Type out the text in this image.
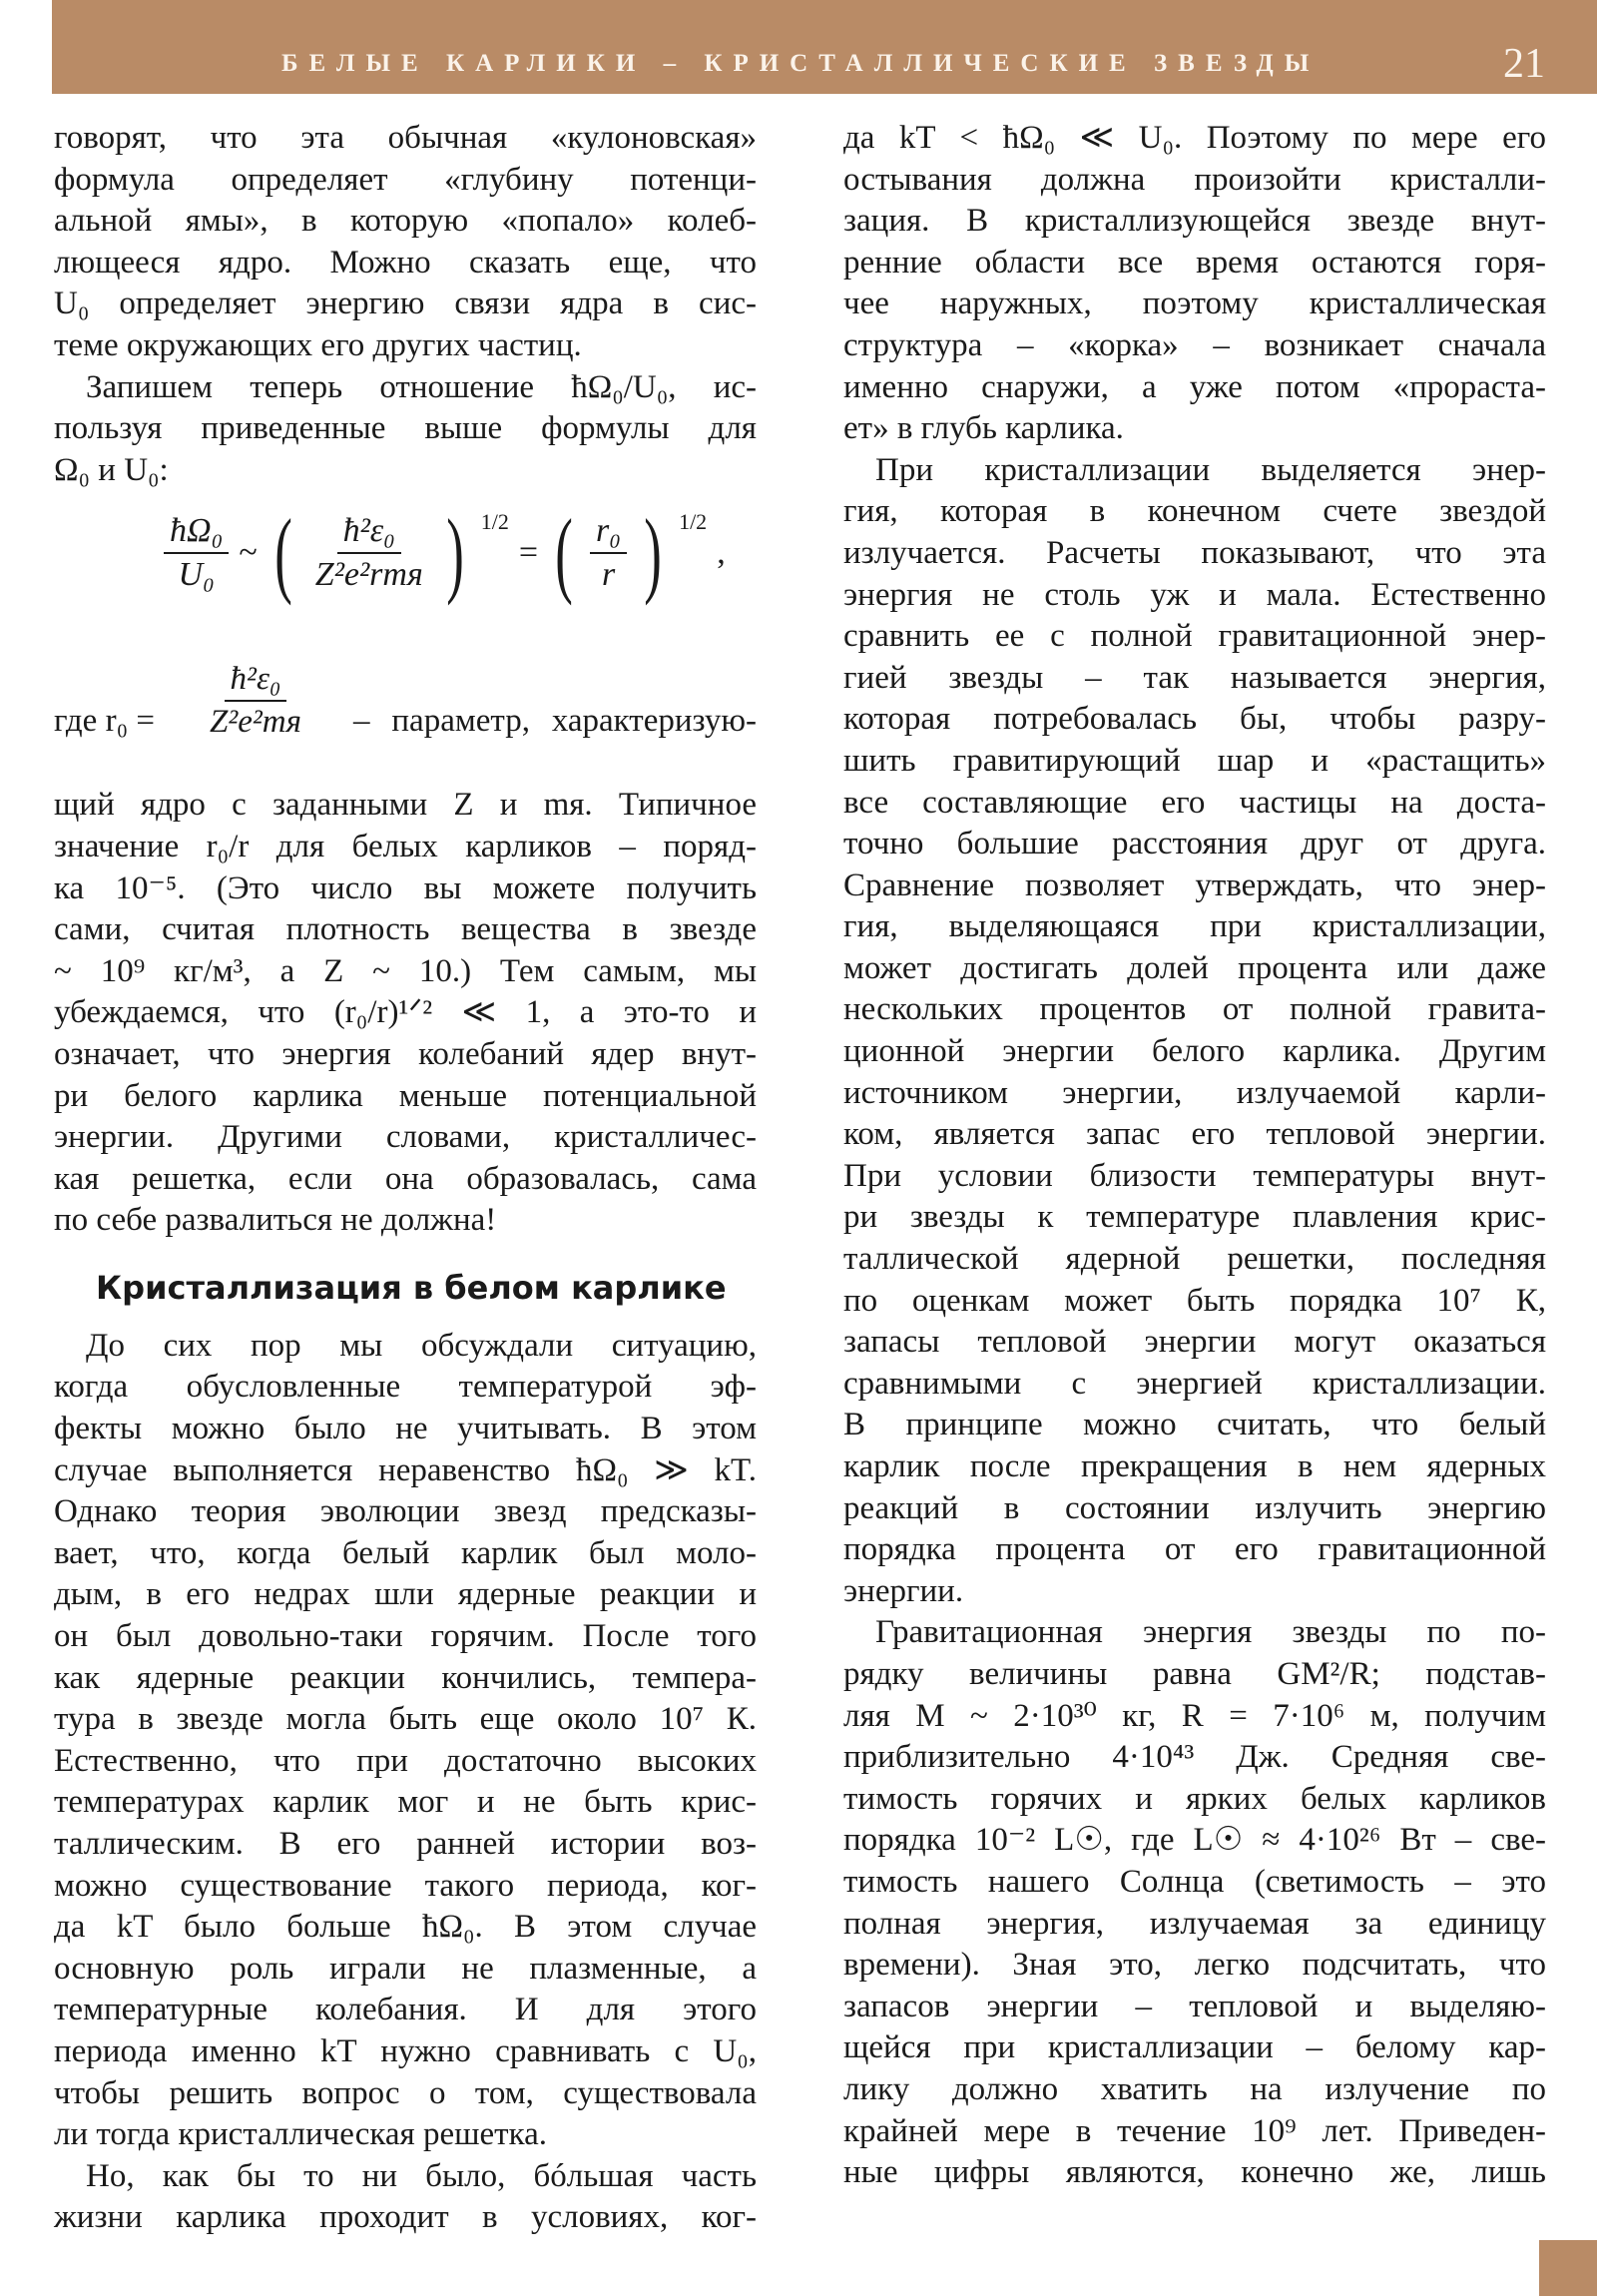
БЕЛЫЕ КАРЛИКИ – КРИСТАЛЛИЧЕСКИЕ ЗВЕЗДЫ	21
говорят, что эта обычная «кулоновская»
формула определяет «глубину потенци-
альной ямы», в которую «попало» колеб-
лющееся ядро. Можно сказать еще, что
U₀ определяет энергию связи ядра в сис-
теме окружающих его других частиц.
Запишем теперь отношение ħΩ₀/U₀, ис-
пользуя приведенные выше формулы для
Ω₀ и U₀:
$\frac{\text{ħΩ₀}}{\text{U₀}}$ ~ ( $\frac{\text{ħ²ε₀}}{\text{Z²e²rmя}}$ ) 1/2
= ( $\frac{\text{r₀}}{r}$ ) 1/2
,
где r₀ =
ħ²ε₀
Z²e²mя – параметр, характеризую-
щий ядро с заданными Z и mя. Типичное
значение r₀/r для белых карликов – поряд-
ка 10⁻⁵. (Это число вы можете получить
сами, считая плотность вещества в звезде
~ 10⁹ кг/м³, а Z ~ 10.) Тем самым, мы
убеждаемся, что (r₀/r)¹ᐟ² ≪ 1, а это-то и
означает, что энергия колебаний ядер внут-
ри белого карлика меньше потенциальной
энергии. Другими словами, кристалличес-
кая решетка, если она образовалась, сама
по себе развалиться не должна!
Кристаллизация в белом карлике
До сих пор мы обсуждали ситуацию,
когда обусловленные температурой эф-
фекты можно было не учитывать. В этом
случае выполняется неравенство ħΩ₀ ≫ kT.
Однако теория эволюции звезд предсказы-
вает, что, когда белый карлик был моло-
дым, в его недрах шли ядерные реакции и
он был довольно-таки горячим. После того
как ядерные реакции кончились, темпера-
тура в звезде могла быть еще около 10⁷ К.
Естественно, что при достаточно высоких
температурах карлик мог и не быть крис-
таллическим. В его ранней истории воз-
можно существование такого периода, ког-
да kT было больше ħΩ₀. В этом случае
основную роль играли не плазменные, а
температурные колебания. И для этого
периода именно kT нужно сравнивать с U₀,
чтобы решить вопрос о том, существовала
ли тогда кристаллическая решетка.
Но, как бы то ни было, бóльшая часть
жизни карлика проходит в условиях, ког-
да kT < ħΩ₀ ≪ U₀. Поэтому по мере его
остывания должна произойти кристалли-
зация. В кристаллизующейся звезде внут-
ренние области все время остаются горя-
чее наружных, поэтому кристаллическая
структура – «корка» – возникает сначала
именно снаружи, а уже потом «прораста-
ет» в глубь карлика.
При кристаллизации выделяется энер-
гия, которая в конечном счете звездой
излучается. Расчеты показывают, что эта
энергия не столь уж и мала. Естественно
сравнить ее с полной гравитационной энер-
гией звезды – так называется энергия,
которая потребовалась бы, чтобы разру-
шить гравитирующий шар и «растащить»
все составляющие его частицы на доста-
точно большие расстояния друг от друга.
Сравнение позволяет утверждать, что энер-
гия, выделяющаяся при кристаллизации,
может достигать долей процента или даже
нескольких процентов от полной гравита-
ционной энергии белого карлика. Другим
источником энергии, излучаемой карли-
ком, является запас его тепловой энергии.
При условии близости температуры внут-
ри звезды к температуре плавления крис-
таллической ядерной решетки, последняя
по оценкам может быть порядка 10⁷ К,
запасы тепловой энергии могут оказаться
сравнимыми с энергией кристаллизации.
В принципе можно считать, что белый
карлик после прекращения в нем ядерных
реакций в состоянии излучить энергию
порядка процента от его гравитационной
энергии.
Гравитационная энергия звезды по по-
рядку величины равна GM²/R; подстав-
ляя M ~ 2·10³⁰ кг, R = 7·10⁶ м, получим
приблизительно 4·10⁴³ Дж. Средняя све-
тимость горячих и ярких белых карликов
порядка 10⁻² L☉, где L☉ ≈ 4·10²⁶ Вт – све-
тимость нашего Солнца (светимость – это
полная энергия, излучаемая за единицу
времени). Зная это, легко подсчитать, что
запасов энергии – тепловой и выделяю-
щейся при кристаллизации – белому кар-
лику должно хватить на излучение по
крайней мере в течение 10⁹ лет. Приведен-
ные цифры являются, конечно же, лишь
